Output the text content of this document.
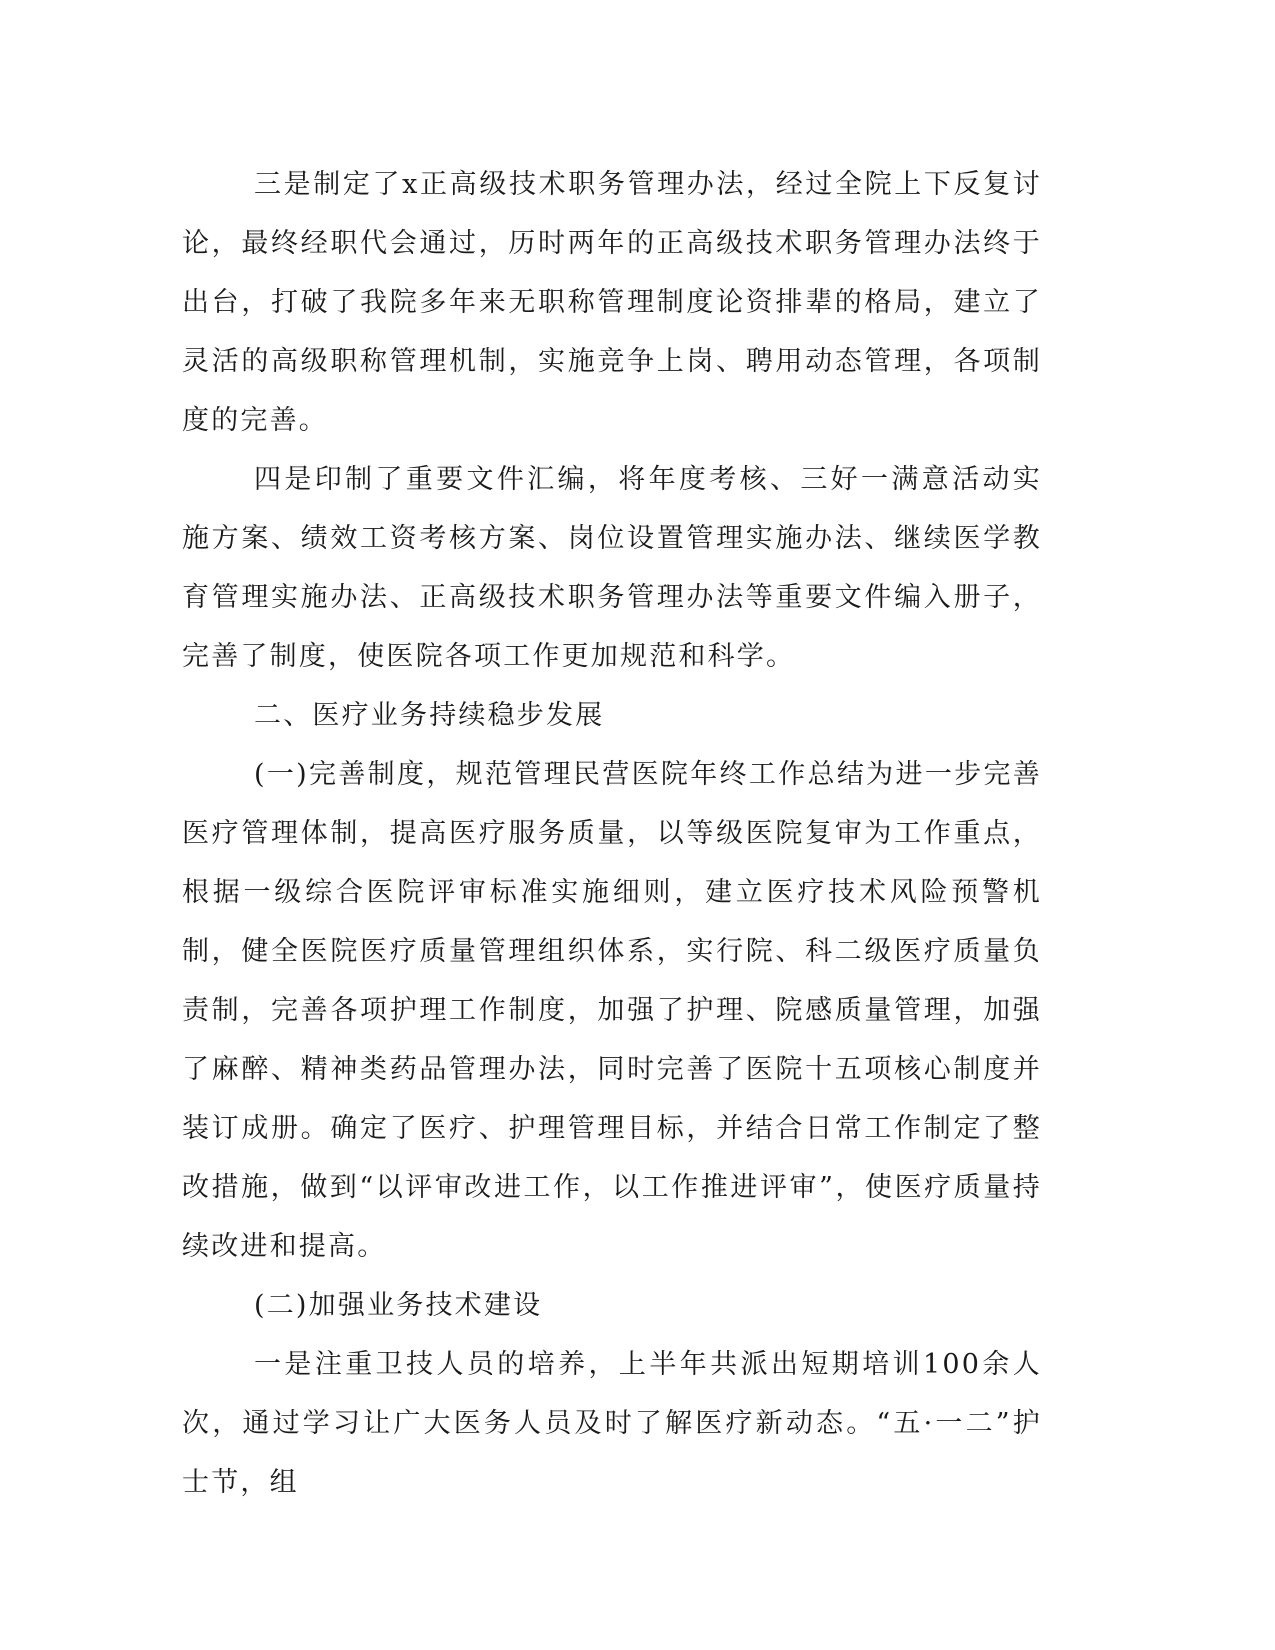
三是制定了x正高级技术职务管理办法，经过全院上下反复讨论，最终经职代会通过，历时两年的正高级技术职务管理办法终于出台，打破了我院多年来无职称管理制度论资排辈的格局，建立了灵活的高级职称管理机制，实施竞争上岗、聘用动态管理，各项制度的完善。

四是印制了重要文件汇编，将年度考核、三好一满意活动实施方案、绩效工资考核方案、岗位设置管理实施办法、继续医学教育管理实施办法、正高级技术职务管理办法等重要文件编入册子，完善了制度，使医院各项工作更加规范和科学。

二、医疗业务持续稳步发展

(一)完善制度，规范管理民营医院年终工作总结为进一步完善医疗管理体制，提高医疗服务质量，以等级医院复审为工作重点，根据一级综合医院评审标准实施细则，建立医疗技术风险预警机制，健全医院医疗质量管理组织体系，实行院、科二级医疗质量负责制，完善各项护理工作制度，加强了护理、院感质量管理，加强了麻醉、精神类药品管理办法，同时完善了医院十五项核心制度并装订成册。确定了医疗、护理管理目标，并结合日常工作制定了整改措施，做到“以评审改进工作，以工作推进评审”，使医疗质量持续改进和提高。

(二)加强业务技术建设

一是注重卫技人员的培养，上半年共派出短期培训100余人次，通过学习让广大医务人员及时了解医疗新动态。“五·一二”护士节，组
